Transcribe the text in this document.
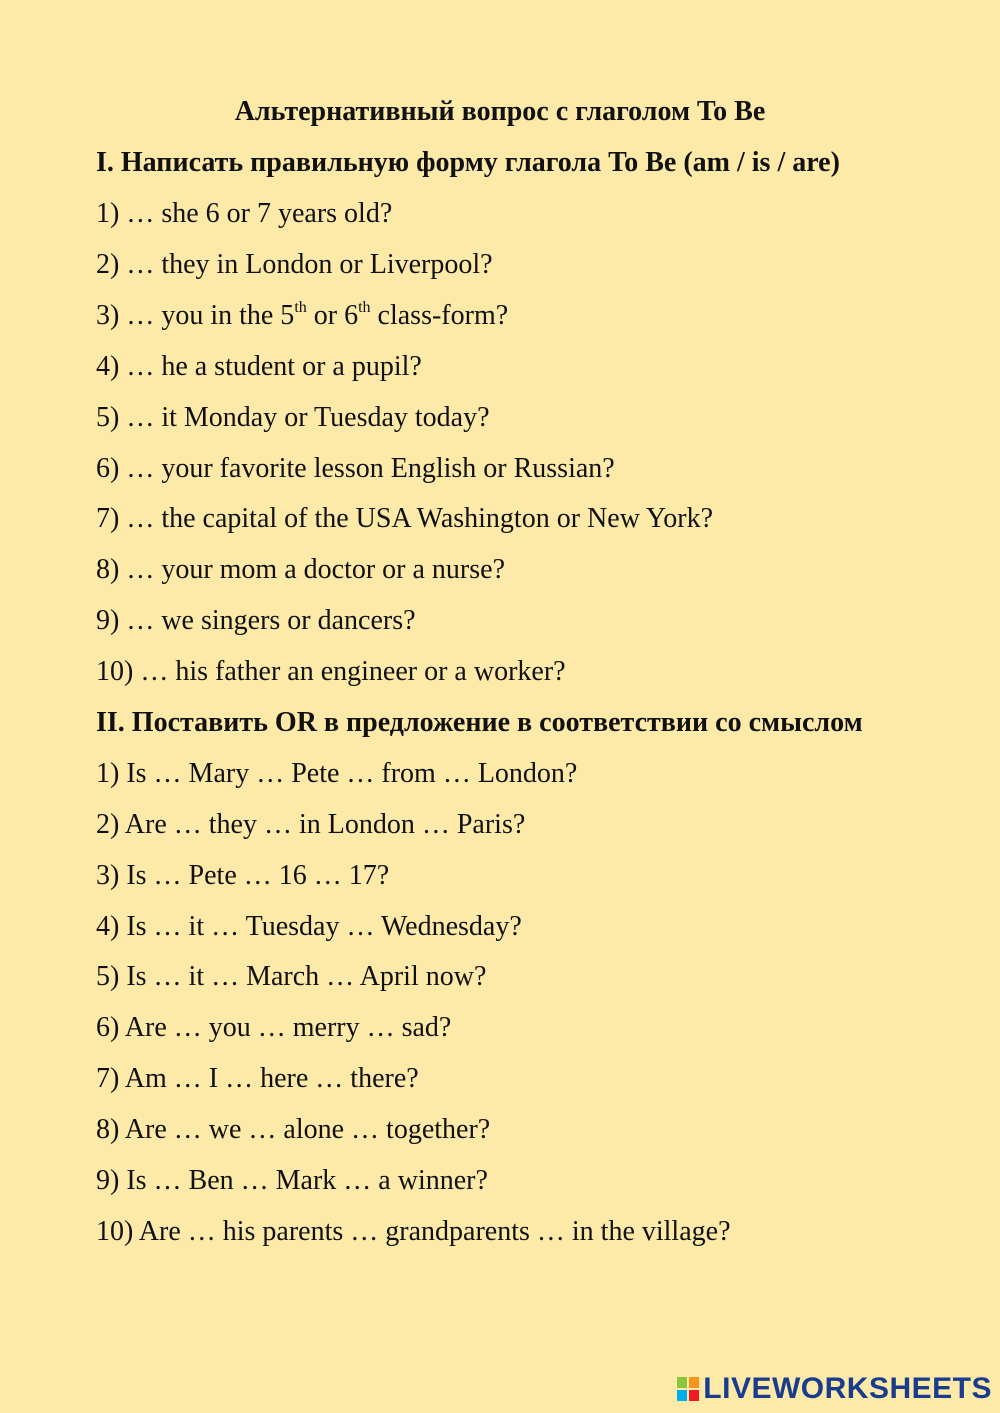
Альтернативный вопрос с глаголом To Be
I. Написать правильную форму глагола To Be (am / is / are)
1) … she 6 or 7 years old?
2) … they in London or Liverpool?
3) … you in the 5th or 6th class-form?
4) … he a student or a pupil?
5) … it Monday or Tuesday today?
6) … your favorite lesson English or Russian?
7) … the capital of the USA Washington or New York?
8) … your mom a doctor or a nurse?
9) … we singers or dancers?
10) … his father an engineer or a worker?
II. Поставить OR в предложение в соответствии со смыслом
1) Is … Mary … Pete … from … London?
2) Are … they … in London … Paris?
3) Is … Pete … 16 … 17?
4) Is … it … Tuesday … Wednesday?
5) Is … it … March … April now?
6) Are … you … merry … sad?
7) Am … I … here … there?
8) Are … we … alone … together?
9) Is … Ben … Mark … a winner?
10) Are … his parents … grandparents … in the village?
LIVEWORKSHEETS
